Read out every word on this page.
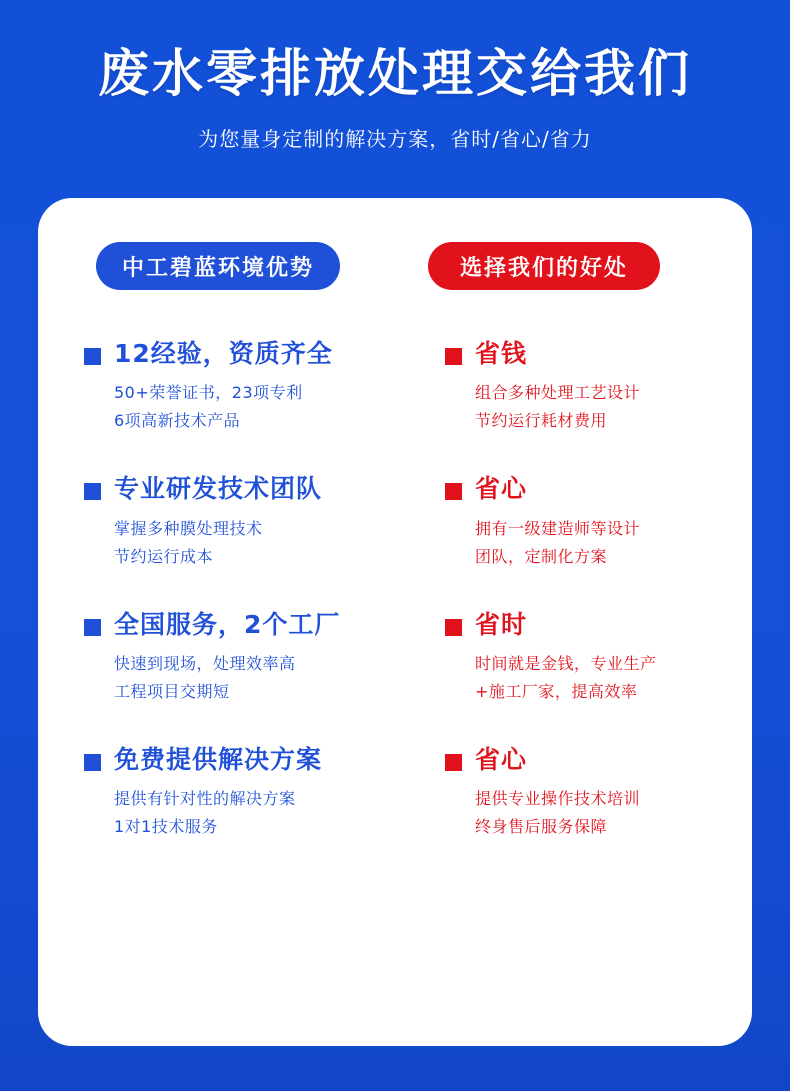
废水零排放处理交给我们
为您量身定制的解决方案，省时/省心/省力
中工碧蓝环境优势	选择我们的好处
12经验，资质齐全
50+荣誉证书，23项专利
6项高新技术产品
专业研发技术团队
掌握多种膜处理技术
节约运行成本
全国服务，2个工厂
快速到现场，处理效率高
工程项目交期短
免费提供解决方案
提供有针对性的解决方案
1对1技术服务
省钱
组合多种处理工艺设计
节约运行耗材费用
省心
拥有一级建造师等设计
团队，定制化方案
省时
时间就是金钱，专业生产
+施工厂家，提高效率
省心
提供专业操作技术培训
终身售后服务保障
